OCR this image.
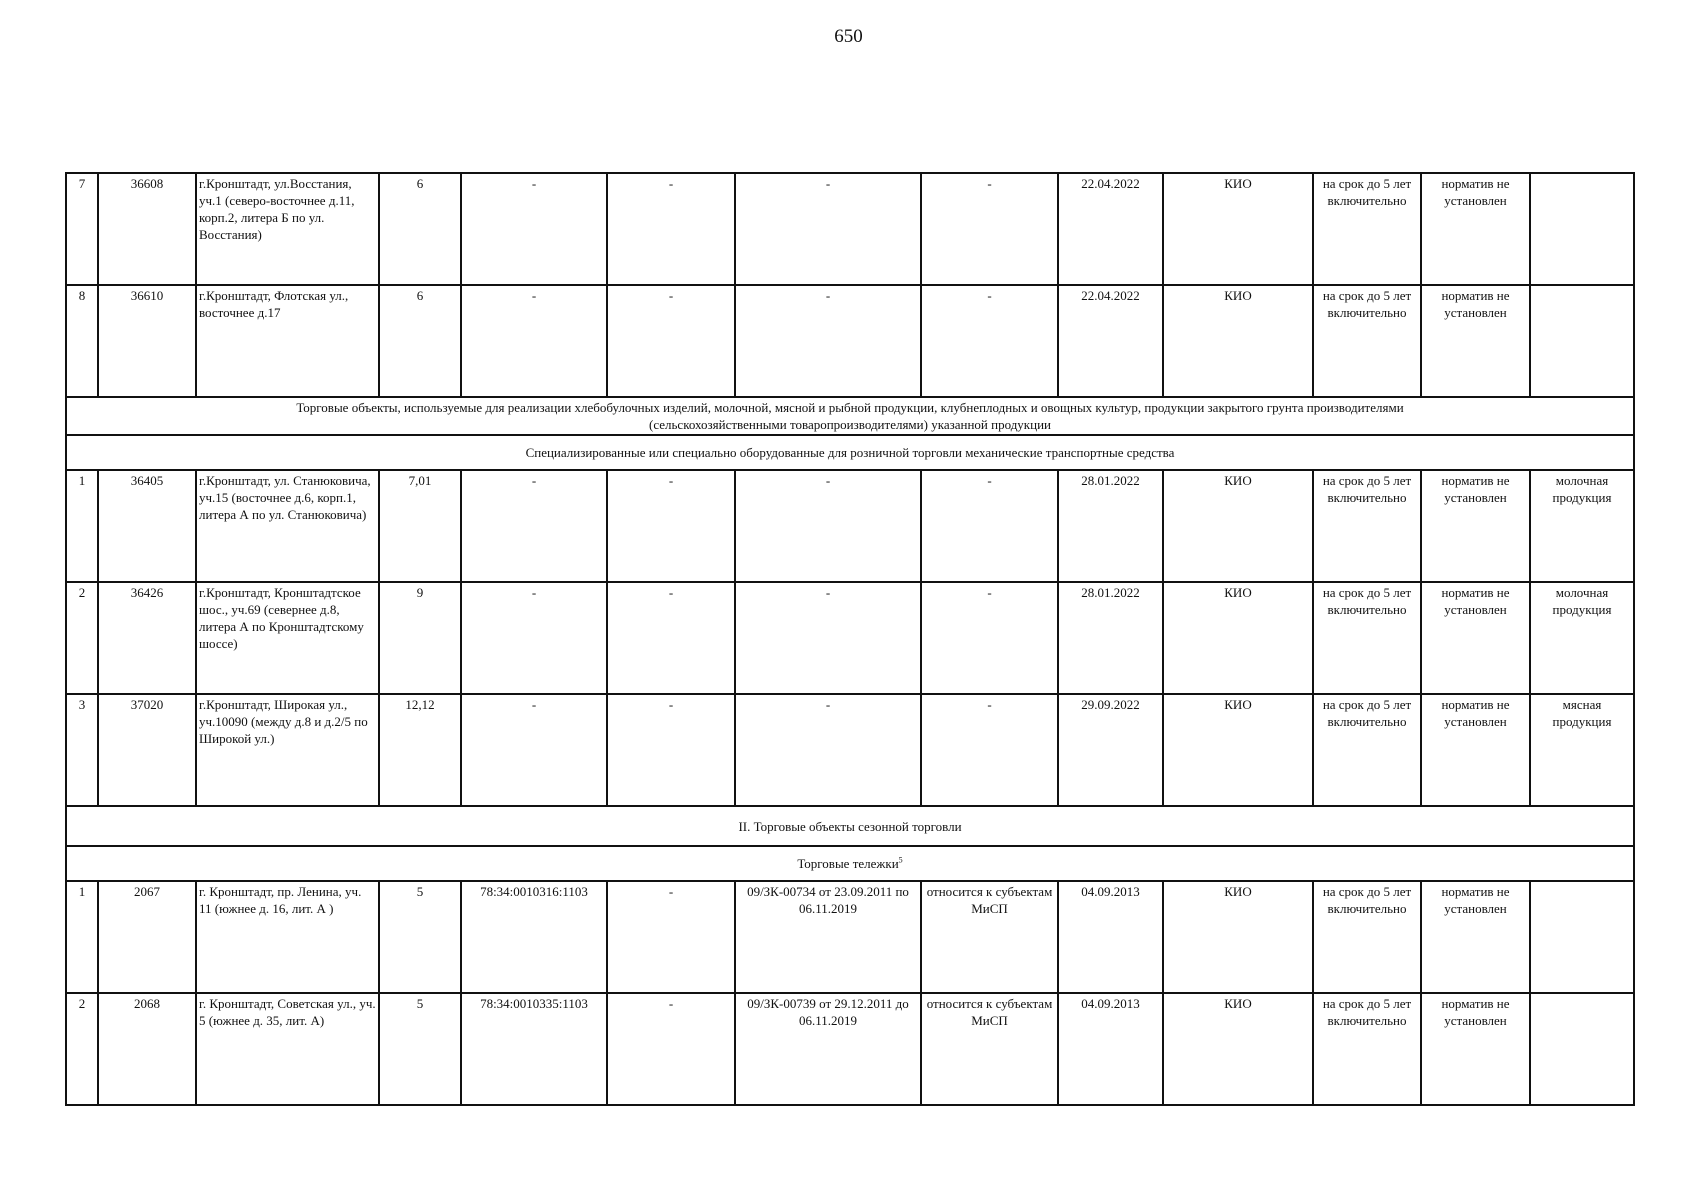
650
7	36608	г.Кронштадт, ул.Восстания, уч.1 (северо-восточнее д.11, корп.2, литера Б по ул. Восстания)	6	-	-	-	-	22.04.2022	КИО	на срок до 5 лет включительно	норматив не установлен	
8	36610	г.Кронштадт, Флотская ул., восточнее д.17	6	-	-	-	-	22.04.2022	КИО	на срок до 5 лет включительно	норматив не установлен	
Торговые объекты, используемые для реализации хлебобулочных изделий, молочной, мясной и рыбной продукции, клубнеплодных и овощных культур, продукции закрытого грунта производителями (сельскохозяйственными товаропроизводителями) указанной продукции												
Специализированные или специально оборудованные для розничной торговли механические транспортные средства												
1	36405	г.Кронштадт, ул. Станюковича, уч.15 (восточнее д.6, корп.1, литера А по ул. Станюковича)	7,01	-	-	-	-	28.01.2022	КИО	на срок до 5 лет включительно	норматив не установлен	молочная продукция
2	36426	г.Кронштадт, Кронштадтское шос., уч.69 (севернее д.8, литера А по Кронштадтскому шоссе)	9	-	-	-	-	28.01.2022	КИО	на срок до 5 лет включительно	норматив не установлен	молочная продукция
3	37020	г.Кронштадт, Широкая ул., уч.10090 (между д.8 и д.2/5 по Широкой ул.)	12,12	-	-	-	-	29.09.2022	КИО	на срок до 5 лет включительно	норматив не установлен	мясная продукция
II. Торговые объекты сезонной торговли												
Торговые тележки$^5$
1	2067	г. Кронштадт, пр. Ленина, уч. 11 (южнее д. 16, лит. А )	5	78:34:0010316:1103	-	09/ЗК-00734 от 23.09.2011 по 06.11.2019	относится к субъектам МиСП	04.09.2013	КИО	на срок до 5 лет включительно	норматив не установлен	
2	2068	г. Кронштадт, Советская ул., уч. 5 (южнее д. 35, лит. А)	5	78:34:0010335:1103	-	09/ЗК-00739 от 29.12.2011 до 06.11.2019	относится к субъектам МиСП	04.09.2013	КИО	на срок до 5 лет включительно	норматив не установлен	
